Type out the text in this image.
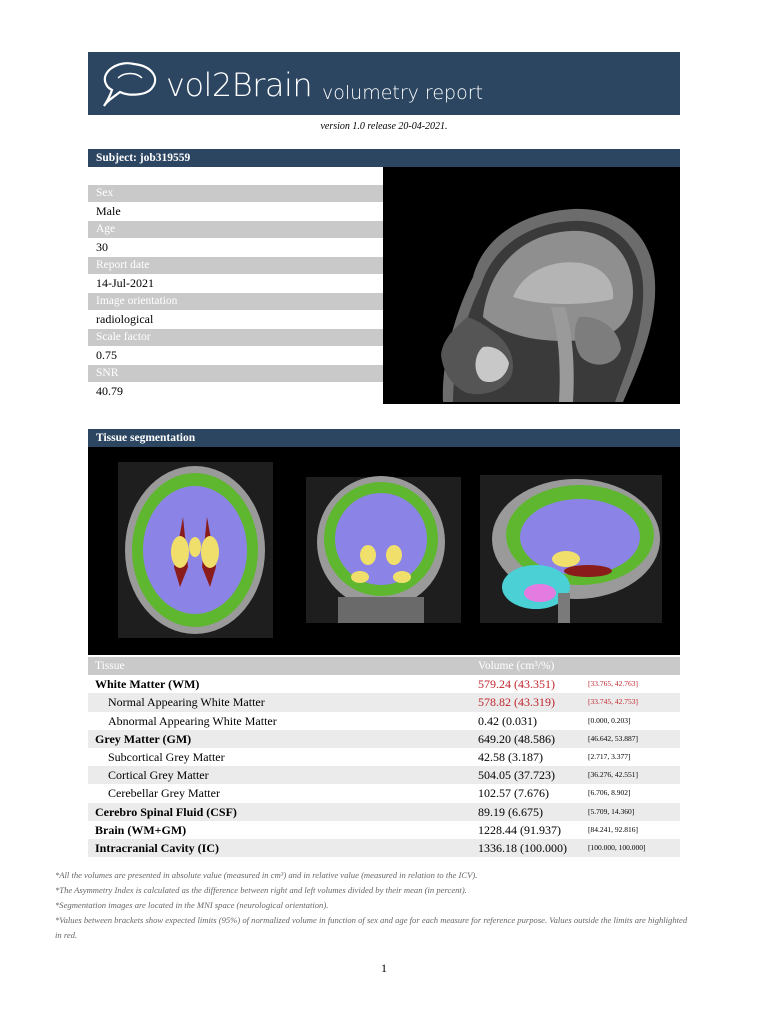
vol2Brain volumetry report
version 1.0 release 20-04-2021.
Subject: job319559
Sex
Male
Age
30
Report date
14-Jul-2021
Image orientation
radiological
Scale factor
0.75
SNR
40.79
Tissue segmentation
Tissue	Volume (cm³/%)	
White Matter (WM)	579.24 (43.351)	[33.765, 42.763]
Normal Appearing White Matter	578.82 (43.319)	[33.745, 42.753]
Abnormal Appearing White Matter	0.42 (0.031)	[0.000, 0.203]
Grey Matter (GM)	649.20 (48.586)	[46.642, 53.887]
Subcortical Grey Matter	42.58 (3.187)	[2.717, 3.377]
Cortical Grey Matter	504.05 (37.723)	[36.276, 42.551]
Cerebellar Grey Matter	102.57 (7.676)	[6.706, 8.902]
Cerebro Spinal Fluid (CSF)	89.19 (6.675)	[5.709, 14.360]
Brain (WM+GM)	1228.44 (91.937)	[84.241, 92.816]
Intracranial Cavity (IC)	1336.18 (100.000)	[100.000, 100.000]
*All the volumes are presented in absolute value (measured in cm³) and in relative value (measured in relation to the ICV).
*The Asymmetry Index is calculated as the difference between right and left volumes divided by their mean (in percent).
*Segmentation images are located in the MNI space (neurological orientation).
*Values between brackets show expected limits (95%) of normalized volume in function of sex and age for each measure for reference purpose. Values outside the limits are highlighted in red.
1
